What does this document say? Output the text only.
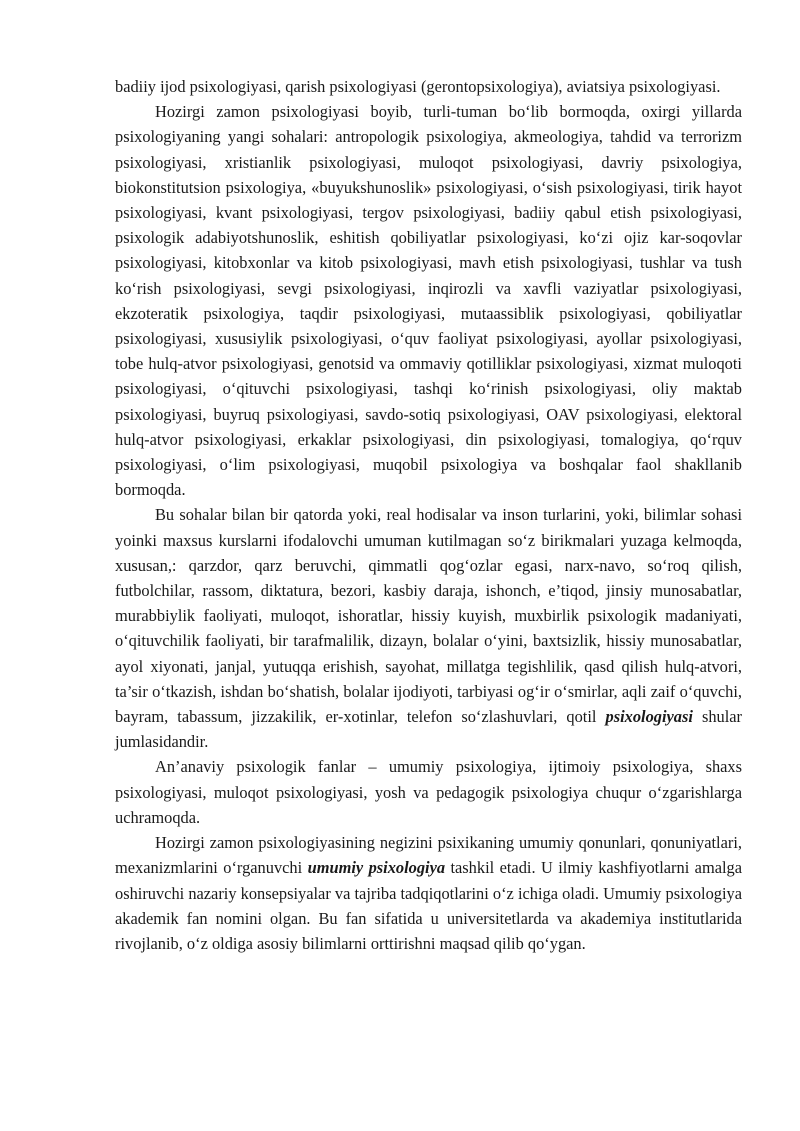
badiiy ijod psixologiyasi, qarish psixologiyasi (gerontopsixologiya), aviatsiya psixologiyasi.

Hozirgi zamon psixologiyasi boyib, turli-tuman bo‘lib bormoqda, oxirgi yillarda psixologiyaning yangi sohalari: antropologik psixologiya, akmeologiya, tahdid va terrorizm psixologiyasi, xristianlik psixologiyasi, muloqot psixologiyasi, davriy psixologiya, biokonstitutsion psixologiya, «buyukshunoslik» psixologiyasi, o‘sish psixologiyasi, tirik hayot psixologiyasi, kvant psixologiyasi, tergov psixologiyasi, badiiy qabul etish psixologiyasi, psixologik adabiyotshunoslik, eshitish qobiliyatlar psixologiyasi, ko‘zi ojiz kar-soqovlar psixologiyasi, kitobxonlar va kitob psixologiyasi, mavh etish psixologiyasi, tushlar va tush ko‘rish psixologiyasi, sevgi psixologiyasi, inqirozli va xavfli vaziyatlar psixologiyasi, ekzoteratik psixologiya, taqdir psixologiyasi, mutaassiblik psixologiyasi, qobiliyatlar psixologiyasi, xususiylik psixologiyasi, o‘quv faoliyat psixologiyasi, ayollar psixologiyasi, tobe hulq-atvor psixologiyasi, genotsid va ommaviy qotilliklar psixologiyasi, xizmat muloqoti psixologiyasi, o‘qituvchi psixologiyasi, tashqi ko‘rinish psixologiyasi, oliy maktab psixologiyasi, buyruq psixologiyasi, savdo-sotiq psixologiyasi, OAV psixologiyasi, elektoral hulq-atvor psixologiyasi, erkaklar psixologiyasi, din psixologiyasi, tomalogiya, qo‘rquv psixologiyasi, o‘lim psixologiyasi, muqobil psixologiya va boshqalar faol shakllanib bormoqda.

Bu sohalar bilan bir qatorda yoki, real hodisalar va inson turlarini, yoki, bilimlar sohasi yoinki maxsus kurslarni ifodalovchi umuman kutilmagan so‘z birikmalari yuzaga kelmoqda, xususan,: qarzdor, qarz beruvchi, qimmatli qog‘ozlar egasi, narx-navo, so‘roq qilish, futbolchilar, rassom, diktatura, bezori, kasbiy daraja, ishonch, e’tiqod, jinsiy munosabatlar, murabbiylik faoliyati, muloqot, ishoratlar, hissiy kuyish, muxbirlik psixologik madaniyati, o‘qituvchilik faoliyati, bir tarafmalilik, dizayn, bolalar o‘yini, baxtsizlik, hissiy munosabatlar, ayol xiyonati, janjal, yutuqqa erishish, sayohat, millatga tegishlilik, qasd qilish hulq-atvori, ta’sir o‘tkazish, ishdan bo‘shatish, bolalar ijodiyoti, tarbiyasi og‘ir o‘smirlar, aqli zaif o‘quvchi, bayram, tabassum, jizzakilik, er-xotinlar, telefon so‘zlashuvlari, qotil psixologiyasi shular jumlasidandir.

An’anaviy psixologik fanlar – umumiy psixologiya, ijtimoiy psixologiya, shaxs psixologiyasi, muloqot psixologiyasi, yosh va pedagogik psixologiya chuqur o‘zgarishlarga uchramoqda.

Hozirgi zamon psixologiyasining negizini psixikaning umumiy qonunlari, qonuniyatlari, mexanizmlarini o‘rganuvchi umumiy psixologiya tashkil etadi. U ilmiy kashfiyotlarni amalga oshiruvchi nazariy konsepsiyalar va tajriba tadqiqotlarini o‘z ichiga oladi. Umumiy psixologiya akademik fan nomini olgan. Bu fan sifatida u universitetlarda va akademiya institutlarida rivojlanib, o‘z oldiga asosiy bilimlarni orttirishni maqsad qilib qo‘ygan.
